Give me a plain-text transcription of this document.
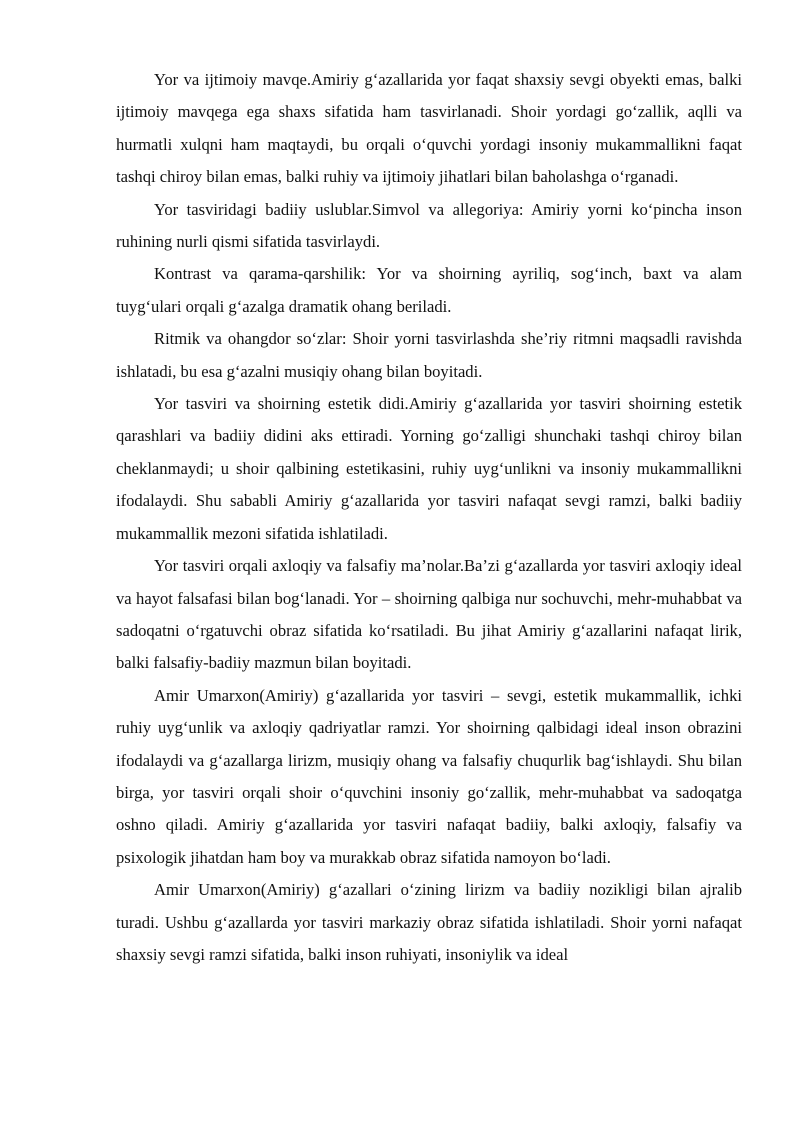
Yor va ijtimoiy mavqe.Amiriy g‘azallarida yor faqat shaxsiy sevgi obyekti emas, balki ijtimoiy mavqega ega shaxs sifatida ham tasvirlanadi. Shoir yordagi go‘zallik, aqlli va hurmatli xulqni ham maqtaydi, bu orqali o‘quvchi yordagi insoniy mukammallikni faqat tashqi chiroy bilan emas, balki ruhiy va ijtimoiy jihatlari bilan baholashga o‘rganadi.

Yor tasviridagi badiiy uslublar.Simvol va allegoriya: Amiriy yorni ko‘pincha inson ruhining nurli qismi sifatida tasvirlaydi.

Kontrast va qarama-qarshilik: Yor va shoirning ayriliq, sog‘inch, baxt va alam tuyg‘ulari orqali g‘azalga dramatik ohang beriladi.

Ritmik va ohangdor so‘zlar: Shoir yorni tasvirlashda she’riy ritmni maqsadli ravishda ishlatadi, bu esa g‘azalni musiqiy ohang bilan boyitadi.

Yor tasviri va shoirning estetik didi.Amiriy g‘azallarida yor tasviri shoirning estetik qarashlari va badiiy didini aks ettiradi. Yorning go‘zalligi shunchaki tashqi chiroy bilan cheklanmaydi; u shoir qalbining estetikasini, ruhiy uyg‘unlikni va insoniy mukammallikni ifodalaydi. Shu sababli Amiriy g‘azallarida yor tasviri nafaqat sevgi ramzi, balki badiiy mukammallik mezoni sifatida ishlatiladi.

Yor tasviri orqali axloqiy va falsafiy ma’nolar.Ba’zi g‘azallarda yor tasviri axloqiy ideal va hayot falsafasi bilan bog‘lanadi. Yor – shoirning qalbiga nur sochuvchi, mehr-muhabbat va sadoqatni o‘rgatuvchi obraz sifatida ko‘rsatiladi. Bu jihat Amiriy g‘azallarini nafaqat lirik, balki falsafiy-badiiy mazmun bilan boyitadi.

Amir Umarxon(Amiriy) g‘azallarida yor tasviri – sevgi, estetik mukammallik, ichki ruhiy uyg‘unlik va axloqiy qadriyatlar ramzi. Yor shoirning qalbidagi ideal inson obrazini ifodalaydi va g‘azallarga lirizm, musiqiy ohang va falsafiy chuqurlik bag‘ishlaydi. Shu bilan birga, yor tasviri orqali shoir o‘quvchini insoniy go‘zallik, mehr-muhabbat va sadoqatga oshno qiladi. Amiriy g‘azallarida yor tasviri nafaqat badiiy, balki axloqiy, falsafiy va psixologik jihatdan ham boy va murakkab obraz sifatida namoyon bo‘ladi.

Amir Umarxon(Amiriy) g‘azallari o‘zining lirizm va badiiy nozikligi bilan ajralib turadi. Ushbu g‘azallarda yor tasviri markaziy obraz sifatida ishlatiladi. Shoir yorni nafaqat shaxsiy sevgi ramzi sifatida, balki inson ruhiyati, insoniylik va ideal
